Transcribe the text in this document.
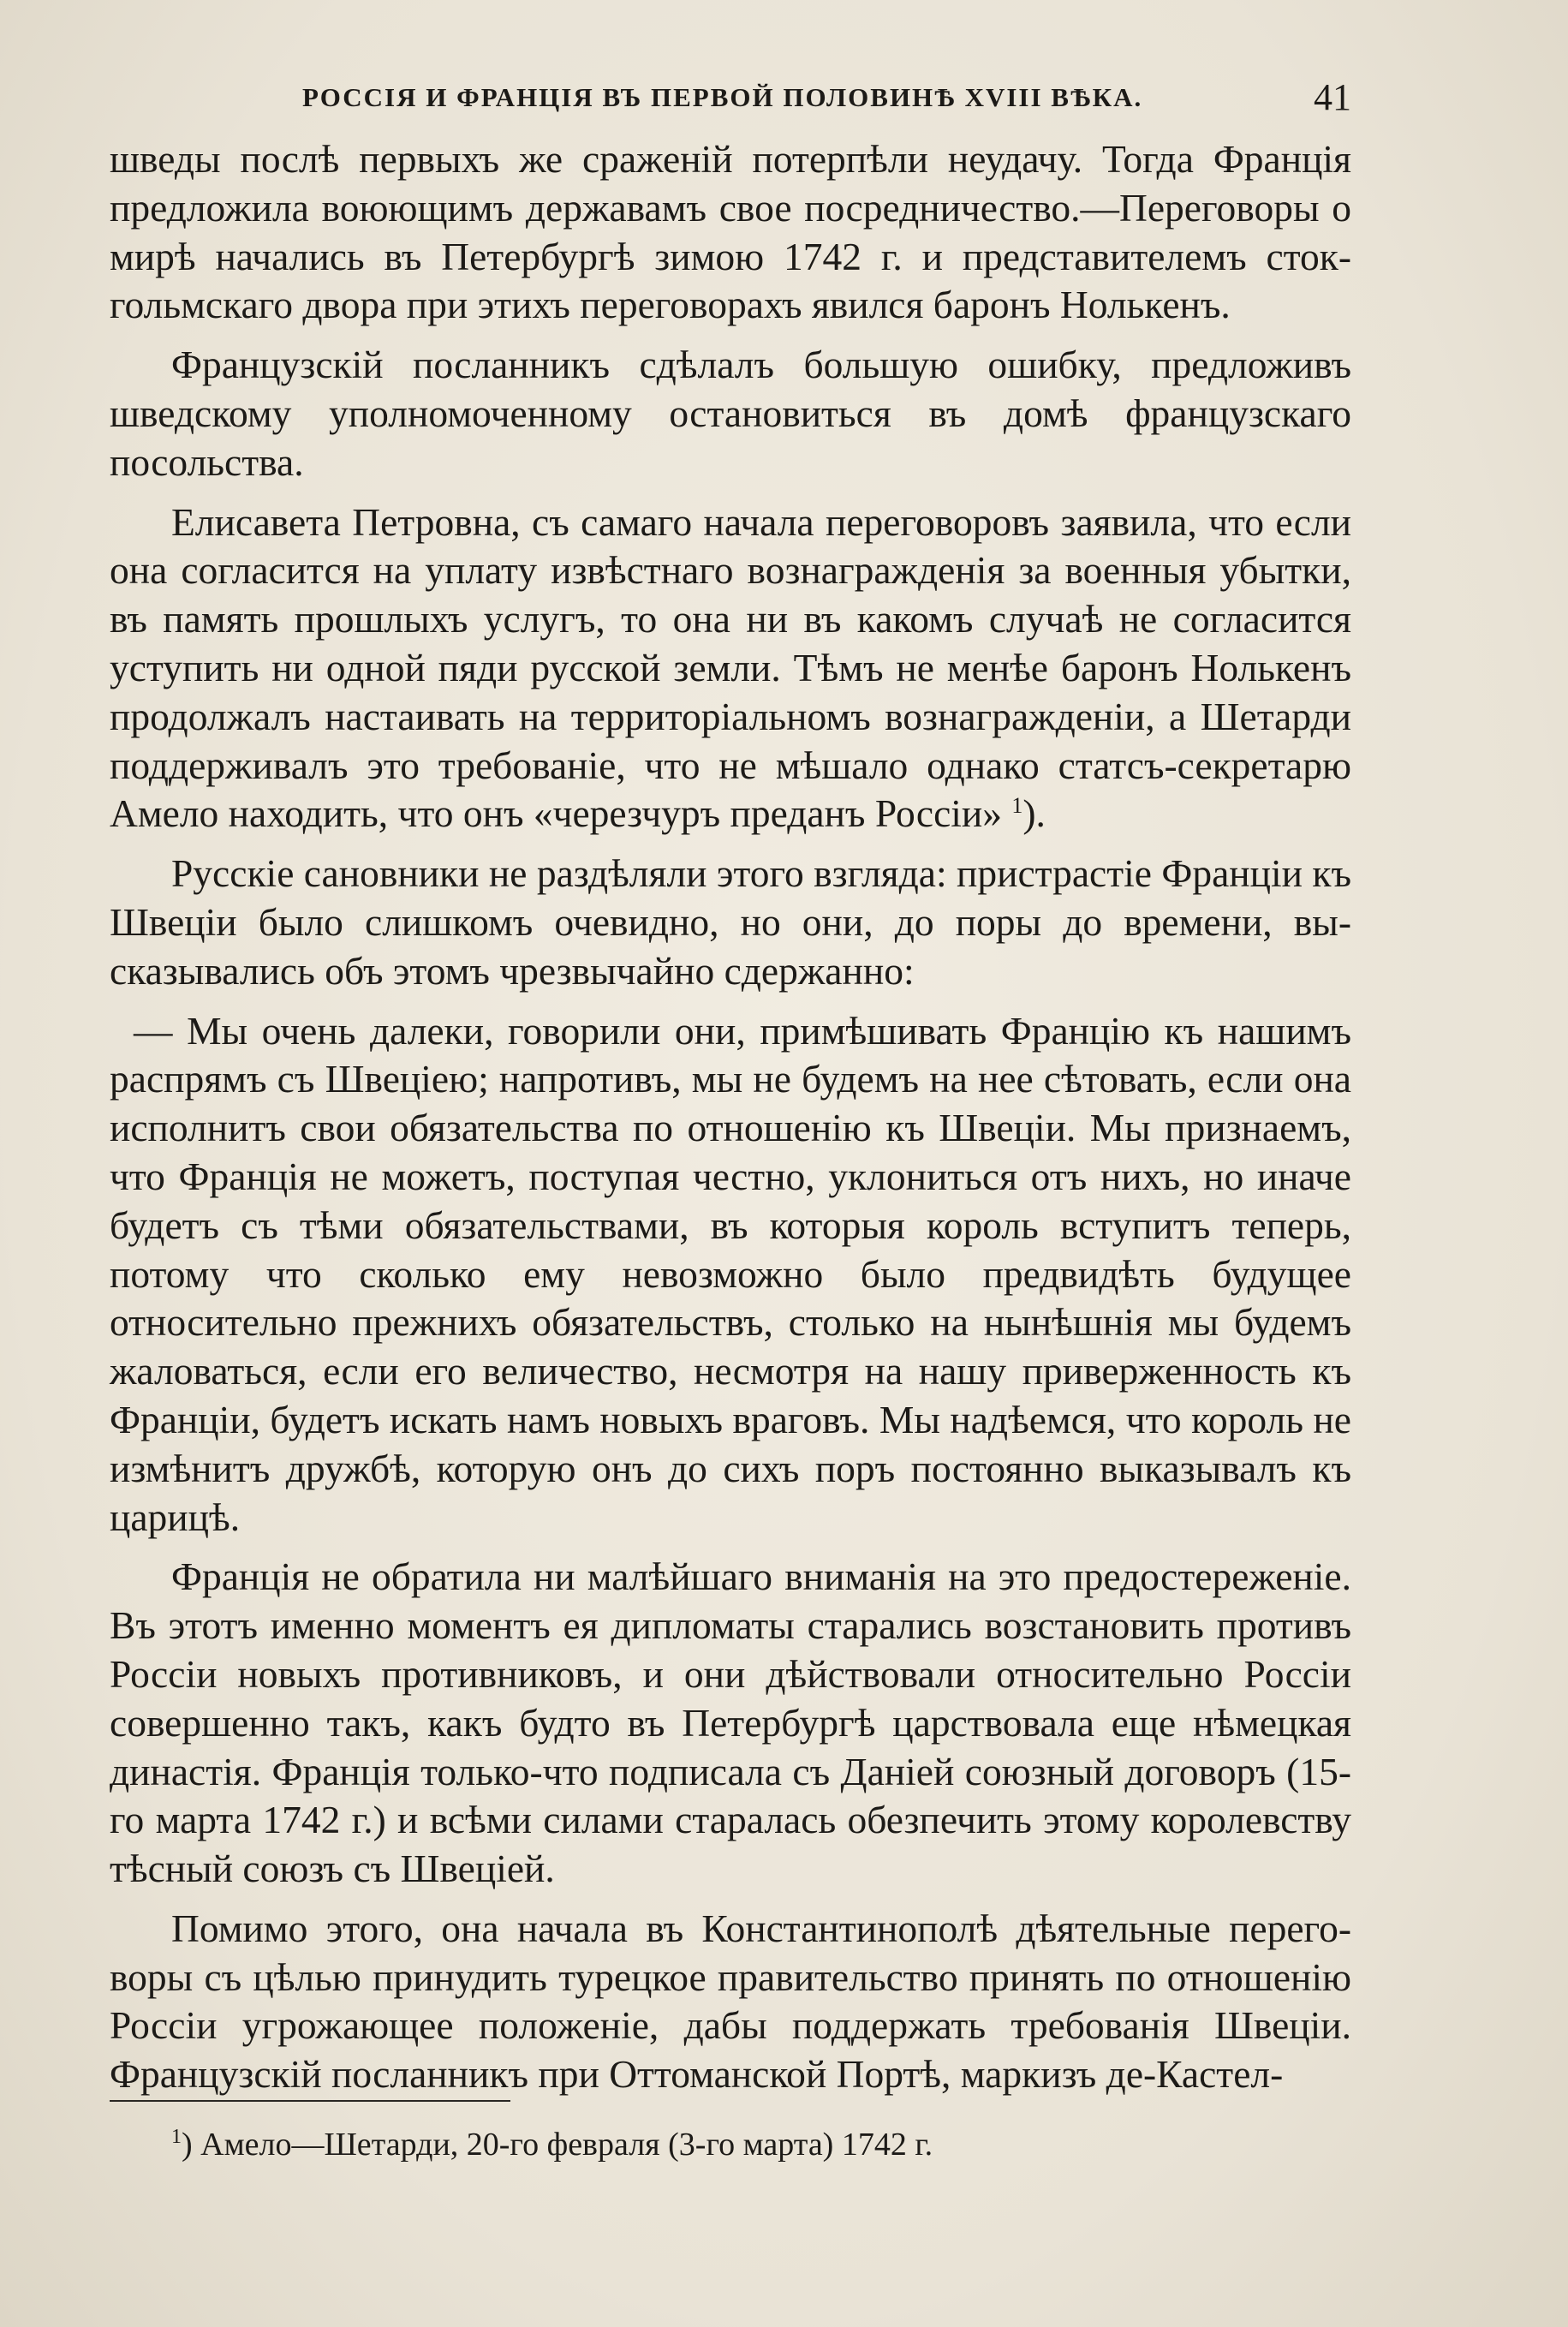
РОССІЯ И ФРАНЦІЯ ВЪ ПЕРВОЙ ПОЛОВИНѢ XVIII ВѢКА.	41

шведы послѣ первыхъ же сраженій потерпѣли неудачу. Тогда Франція предложила воюющимъ державамъ свое посредничество.—Переговоры о мирѣ начались въ Петербургѣ зимою 1742 г. и представителемъ стокгольмскаго двора при этихъ переговорахъ явился баронъ Нолькенъ.

Французскій посланникъ сдѣлалъ большую ошибку, предложивъ шведскому уполномоченному остановиться въ домѣ французскаго посольства.

Елисавета Петровна, съ самаго начала переговоровъ заявила, что если она согласится на уплату извѣстнаго вознагражденія за военныя убытки, въ память прошлыхъ услугъ, то она ни въ какомъ случаѣ не согласится уступить ни одной пяди русской земли. Тѣмъ не менѣе баронъ Нолькенъ продолжалъ настаивать на территоріальномъ вознагражденіи, а Шетарди поддерживалъ это требованіе, что не мѣшало однако статсъ-секретарю Амело находить, что онъ «черезчуръ преданъ Россіи» $^1$).

Русскіе сановники не раздѣляли этого взгляда: пристрастіе Франціи къ Швеціи было слишкомъ очевидно, но они, до поры до времени, высказывались объ этомъ чрезвычайно сдержанно:

— Мы очень далеки, говорили они, примѣшивать Францію къ нашимъ распрямъ съ Швеціею; напротивъ, мы не будемъ на нее сѣтовать, если она исполнитъ свои обязательства по отношенію къ Швеціи. Мы признаемъ, что Франція не можетъ, поступая честно, уклониться отъ нихъ, но иначе будетъ съ тѣми обязательствами, въ которыя король вступитъ теперь, потому что сколько ему невозможно было предвидѣть будущее относительно прежнихъ обязательствъ, столько на нынѣшнія мы будемъ жаловаться, если его величество, несмотря на нашу приверженность къ Франціи, будетъ искать намъ новыхъ враговъ. Мы надѣемся, что король не измѣнитъ дружбѣ, которую онъ до сихъ поръ постоянно выказывалъ къ царицѣ.

Франція не обратила ни малѣйшаго вниманія на это предостереженіе. Въ этотъ именно моментъ ея дипломаты старались возстановить противъ Россіи новыхъ противниковъ, и они дѣйствовали относительно Россіи совершенно такъ, какъ будто въ Петербургѣ царствовала еще нѣмецкая династія. Франція только-что подписала съ Даніей союзный договоръ (15-го марта 1742 г.) и всѣми силами старалась обезпечить этому королевству тѣсный союзъ съ Швеціей.

Помимо этого, она начала въ Константинополѣ дѣятельные переговоры съ цѣлью принудить турецкое правительство принять по отношенію Россіи угрожающее положеніе, дабы поддержать требованія Швеціи. Французскій посланникъ при Оттоманской Портѣ, маркизъ де-Кастел-

$^1$) Амело—Шетарди, 20-го февраля (3-го марта) 1742 г.
